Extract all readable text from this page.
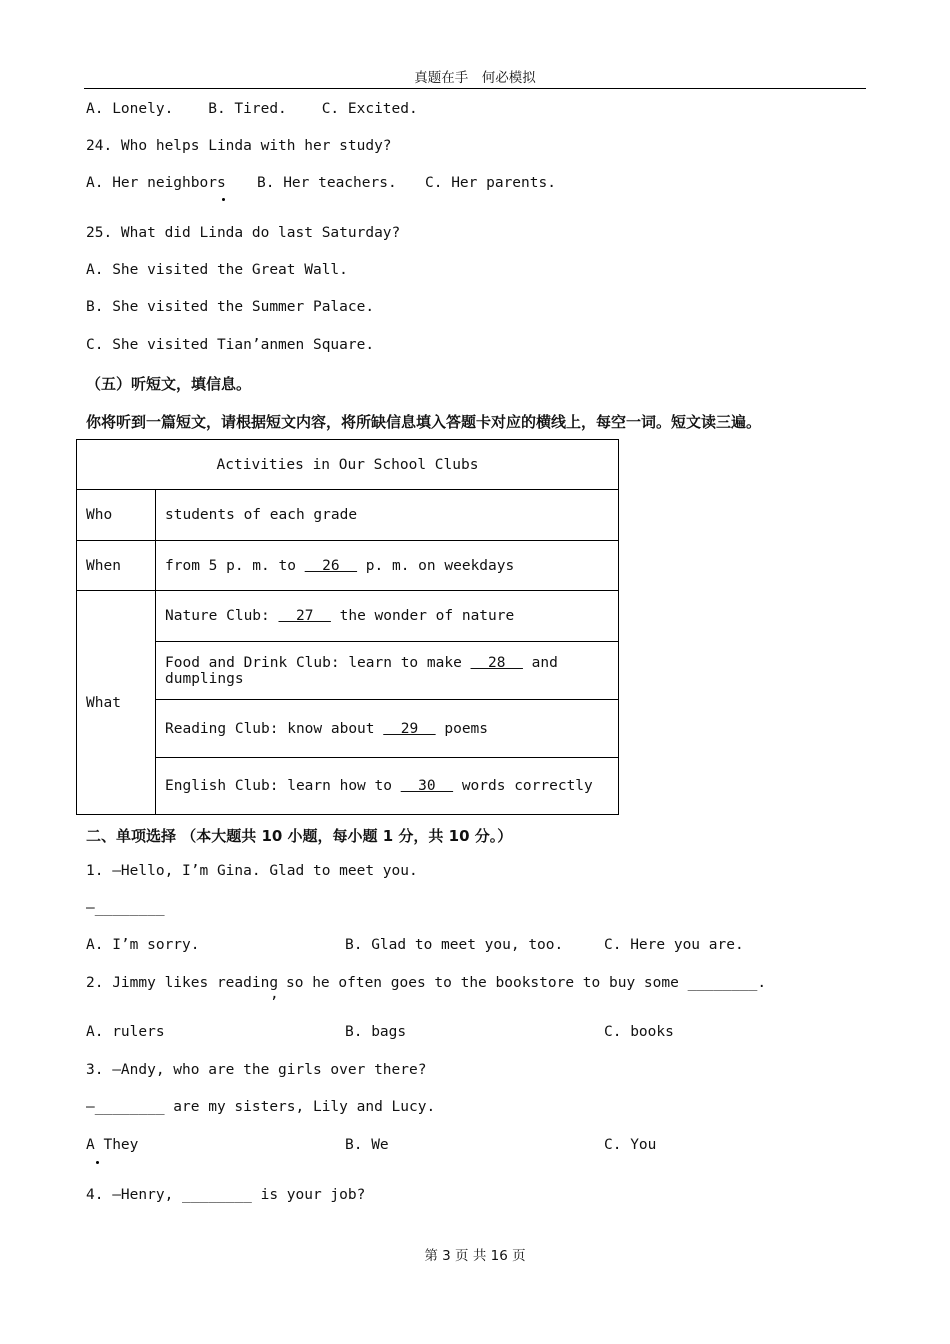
真题在手　何必模拟
A. Lonely.    B. Tired.    C. Excited.
24. Who helps Linda with her study?
A. Her neighbors B. Her teachers. C. Her parents.
25. What did Linda do last Saturday?
A. She visited the Great Wall.
B. She visited the Summer Palace.
C. She visited Tian’anmen Square.
（五）听短文，填信息。
你将听到一篇短文，请根据短文内容，将所缺信息填入答题卡对应的横线上，每空一词。短文读三遍。
Activities in Our School Clubs	
Who	students of each grade
When	from 5 p. m. to   26   p. m. on weekdays
What	Nature Club:   27   the wonder of nature
	Food and Drink Club: learn to make   28   and dumplings
	Reading Club: know about   29   poems
	English Club: learn how to   30   words correctly
二、单项选择 （本大题共 10 小题，每小题 1 分，共 10 分。）
1. —Hello, I’m Gina. Glad to meet you.
—________
A. I’m sorry.	B. Glad to meet you, too.	C. Here you are.
2. Jimmy likes reading
,
so he often goes to the bookstore to buy some ________.
A. rulers	B. bags	C. books
3. —Andy, who are the girls over there?
—________ are my sisters, Lily and Lucy.
A They	B. We	C. You
4. —Henry, ________ is your job?
第 3 页 共 16 页
